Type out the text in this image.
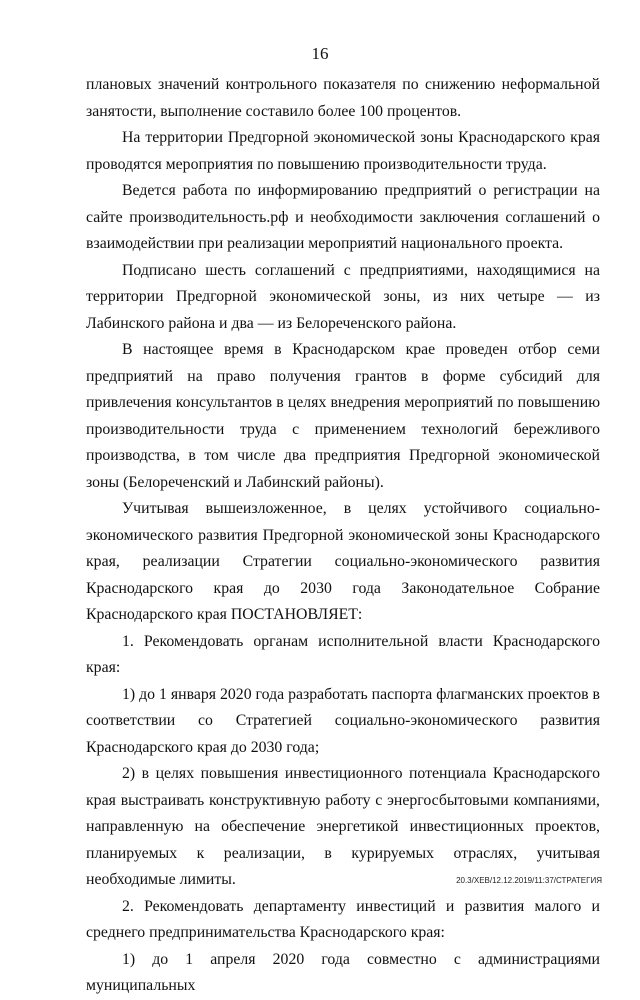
16

плановых значений контрольного показателя по снижению неформальной занятости, выполнение составило более 100 процентов.

На территории Предгорной экономической зоны Краснодарского края проводятся мероприятия по повышению производительности труда.

Ведется работа по информированию предприятий о регистрации на сайте производительность.рф и необходимости заключения соглашений о взаимодействии при реализации мероприятий национального проекта.

Подписано шесть соглашений с предприятиями, находящимися на территории Предгорной экономической зоны, из них четыре — из Лабинского района и два — из Белореченского района.

В настоящее время в Краснодарском крае проведен отбор семи предприятий на право получения грантов в форме субсидий для привлечения консультантов в целях внедрения мероприятий по повышению производительности труда с применением технологий бережливого производства, в том числе два предприятия Предгорной экономической зоны (Белореченский и Лабинский районы).

Учитывая вышеизложенное, в целях устойчивого социально-экономического развития Предгорной экономической зоны Краснодарского края, реализации Стратегии социально-экономического развития Краснодарского края до 2030 года Законодательное Собрание Краснодарского края ПОСТАНОВЛЯЕТ:

1. Рекомендовать органам исполнительной власти Краснодарского края:

1) до 1 января 2020 года разработать паспорта флагманских проектов в соответствии со Стратегией социально-экономического развития Краснодарского края до 2030 года;

2) в целях повышения инвестиционного потенциала Краснодарского края выстраивать конструктивную работу с энергосбытовыми компаниями, направленную на обеспечение энергетикой инвестиционных проектов, планируемых к реализации, в курируемых отраслях, учитывая необходимые лимиты.

2. Рекомендовать департаменту инвестиций и развития малого и среднего предпринимательства Краснодарского края:

1) до 1 апреля 2020 года совместно с администрациями муниципальных

20.3/ХЕВ/12.12.2019/11:37/СТРАТЕГИЯ
